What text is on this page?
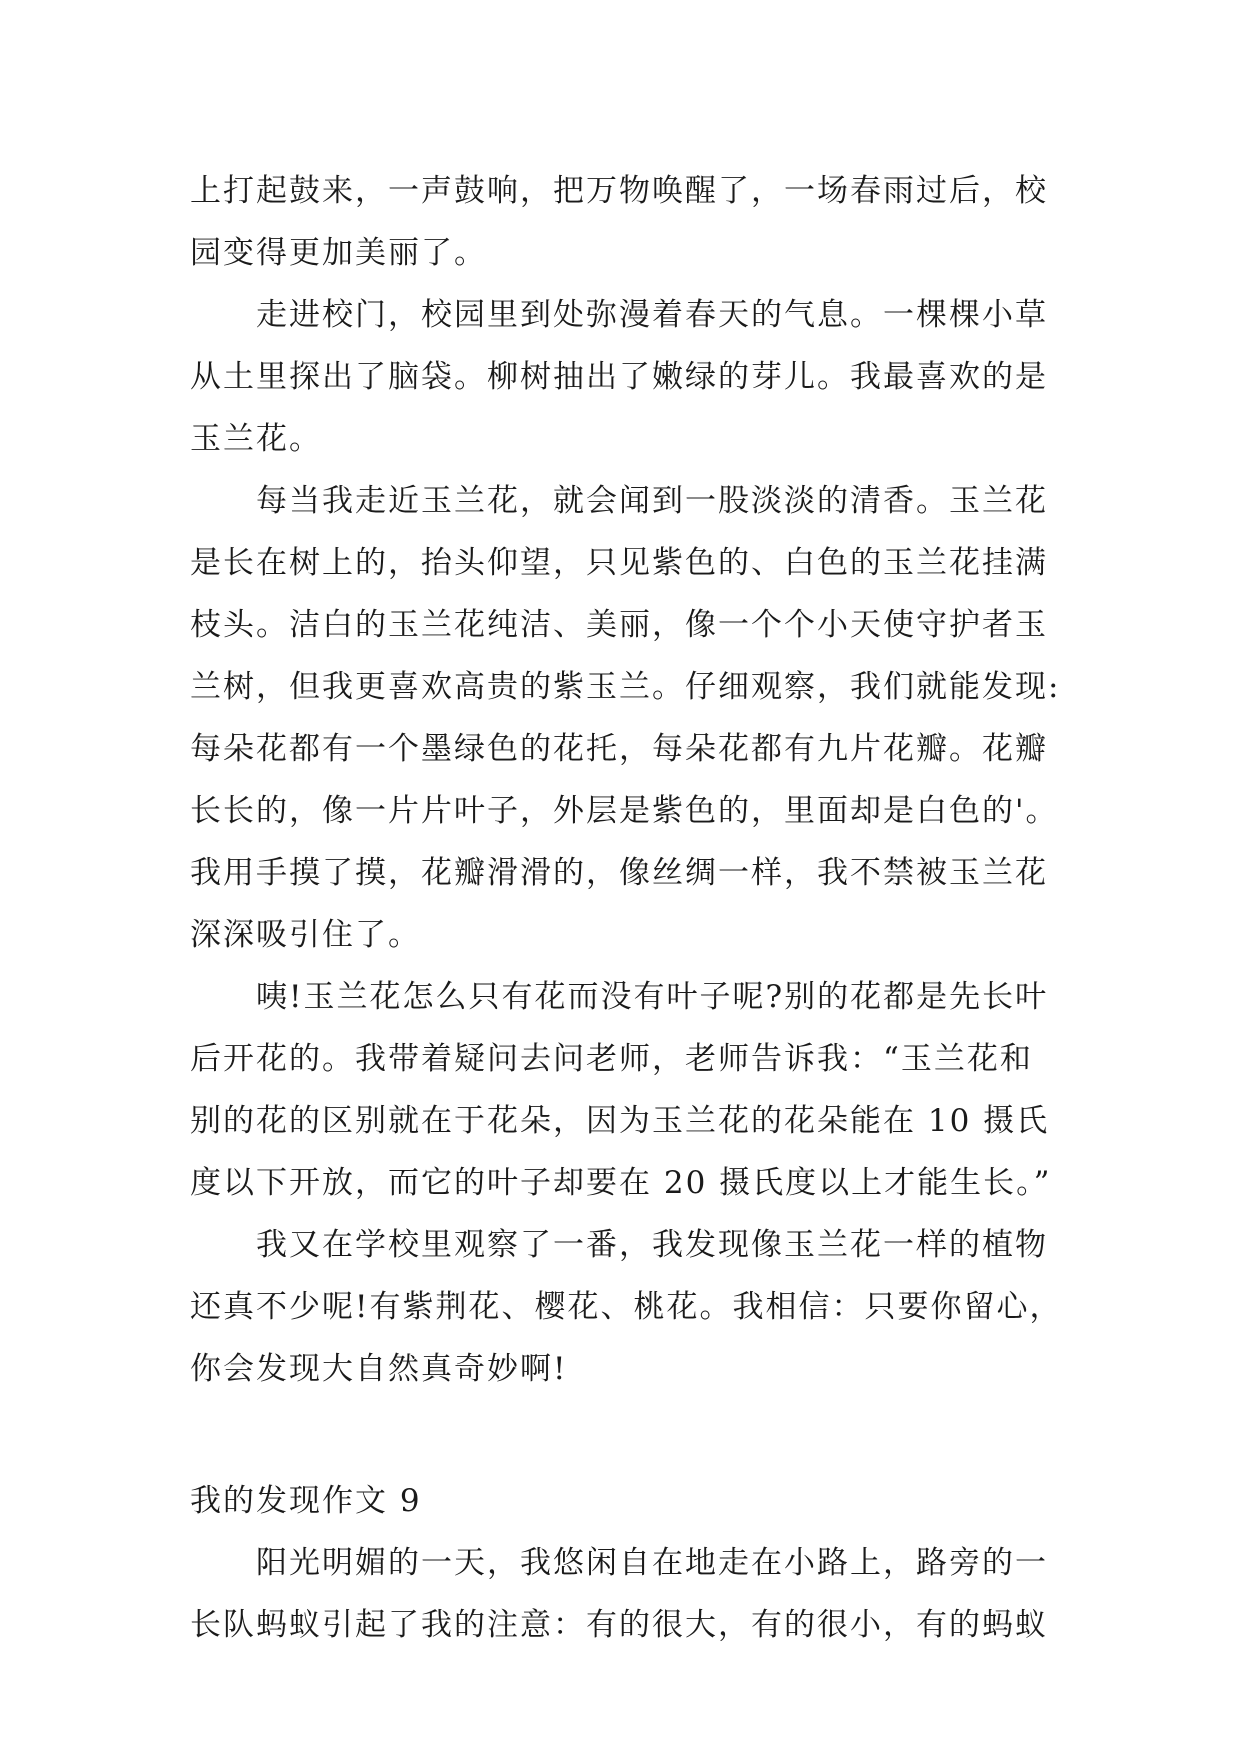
上打起鼓来，一声鼓响，把万物唤醒了，一场春雨过后，校
园变得更加美丽了。
走进校门，校园里到处弥漫着春天的气息。一棵棵小草
从土里探出了脑袋。柳树抽出了嫩绿的芽儿。我最喜欢的是
玉兰花。
每当我走近玉兰花，就会闻到一股淡淡的清香。玉兰花
是长在树上的，抬头仰望，只见紫色的、白色的玉兰花挂满
枝头。洁白的玉兰花纯洁、美丽，像一个个小天使守护者玉
兰树，但我更喜欢高贵的紫玉兰。仔细观察，我们就能发现:
每朵花都有一个墨绿色的花托，每朵花都有九片花瓣。花瓣
长长的，像一片片叶子，外层是紫色的，里面却是白色的'。
我用手摸了摸，花瓣滑滑的，像丝绸一样，我不禁被玉兰花
深深吸引住了。
咦!玉兰花怎么只有花而没有叶子呢?别的花都是先长叶
后开花的。我带着疑问去问老师，老师告诉我：“玉兰花和
别的花的区别就在于花朵，因为玉兰花的花朵能在 10 摄氏
度以下开放，而它的叶子却要在 20 摄氏度以上才能生长。”
我又在学校里观察了一番，我发现像玉兰花一样的植物
还真不少呢!有紫荆花、樱花、桃花。我相信：只要你留心，
你会发现大自然真奇妙啊!
我的发现作文 9
阳光明媚的一天，我悠闲自在地走在小路上，路旁的一
长队蚂蚁引起了我的注意：有的很大，有的很小，有的蚂蚁
